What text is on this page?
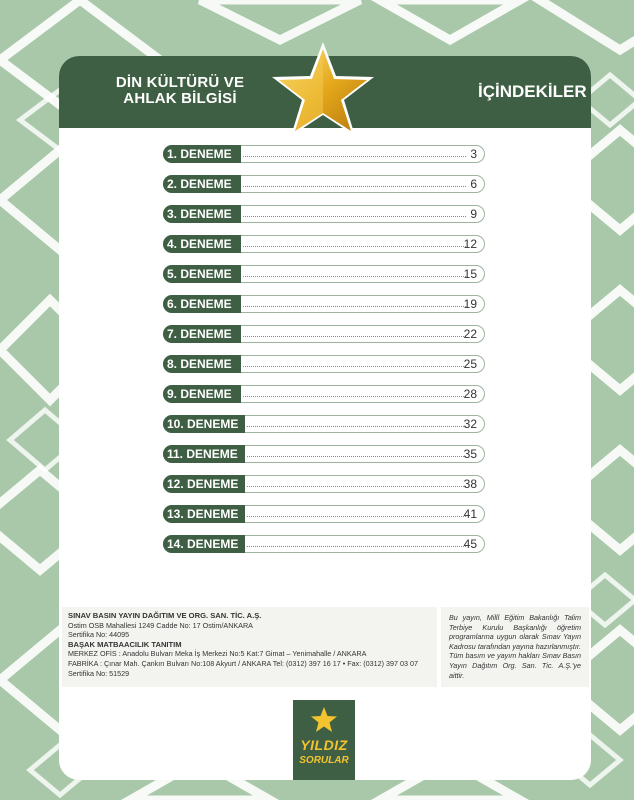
DİN KÜLTÜRÜ VE
AHLAK BİLGİSİ	İÇİNDEKİLER
1. DENEME	3
2. DENEME	6
3. DENEME	9
4. DENEME	12
5. DENEME	15
6. DENEME	19
7. DENEME	22
8. DENEME	25
9. DENEME	28
10. DENEME	32
11. DENEME	35
12. DENEME	38
13. DENEME	41
14. DENEME	45
SINAV BASIN YAYIN DAĞITIM VE ORG. SAN. TİC. A.Ş.
Ostim OSB Mahallesi 1249 Cadde No: 17 Ostim/ANKARA
Sertifika No: 44095
BAŞAK MATBAACILIK TANITIM
MERKEZ OFİS : Anadolu Bulvarı Meka İş Merkezi No:5 Kat:7 Gimat – Yenimahalle / ANKARA
FABRİKA : Çınar Mah. Çankırı Bulvarı No:108 Akyurt / ANKARA Tel: (0312) 397 16 17 • Fax: (0312) 397 03 07
Sertifika No: 51529
Bu yayın, Millî Eğitim Bakanlığı Talim Terbiye Kurulu Başkanlığı öğretim programlarına uygun olarak Sınav Yayın Kadrosu tarafından yayına hazırlanmıştır. Tüm basım ve yayım hakları Sınav Basın Yayın Dağıtım Org. San. Tic. A.Ş.'ye aittir.
YILDIZ
SORULAR
